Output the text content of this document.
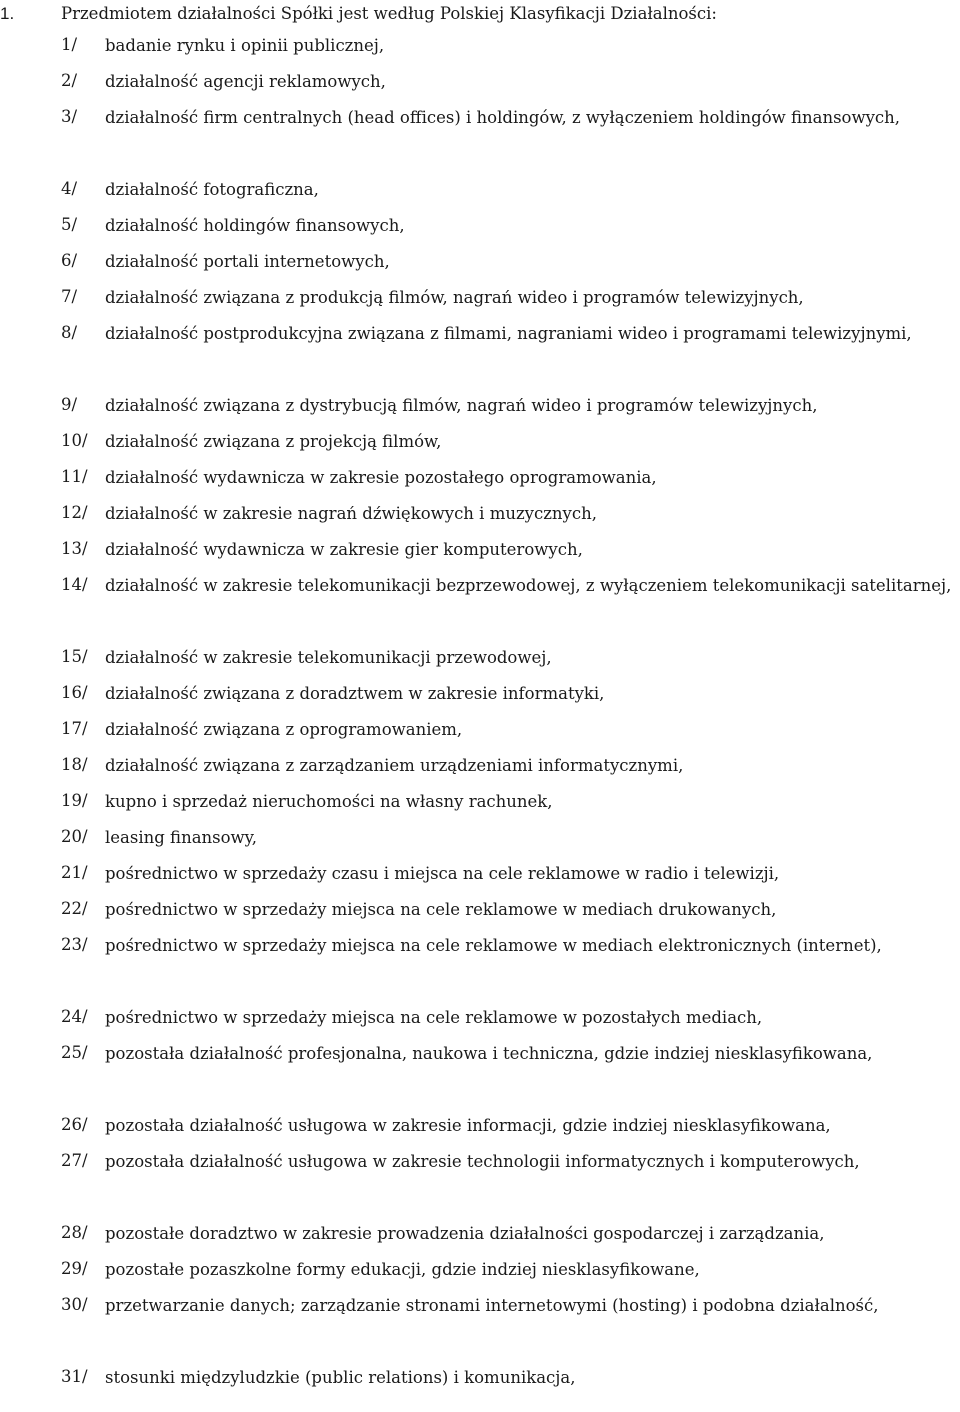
1.	Przedmiotem działalności Spółki jest według Polskiej Klasyfikacji Działalności:
1/ badanie rynku i opinii publicznej,
2/ działalność agencji reklamowych,
3/ działalność firm centralnych (head offices) i holdingów, z wyłączeniem holdingów finansowych,
4/ działalność fotograficzna,
5/ działalność holdingów finansowych,
6/ działalność portali internetowych,
7/ działalność związana z produkcją filmów, nagrań wideo i programów telewizyjnych,
8/ działalność postprodukcyjna związana z filmami, nagraniami wideo i programami telewizyjnymi,
9/ działalność związana z dystrybucją filmów, nagrań wideo i programów telewizyjnych,
10/ działalność związana z projekcją filmów,
11/ działalność wydawnicza w zakresie pozostałego oprogramowania,
12/ działalność w zakresie nagrań dźwiękowych i muzycznych,
13/ działalność wydawnicza w zakresie gier komputerowych,
14/ działalność w zakresie telekomunikacji bezprzewodowej, z wyłączeniem telekomunikacji satelitarnej,
15/ działalność w zakresie telekomunikacji przewodowej,
16/ działalność związana z doradztwem w zakresie informatyki,
17/ działalność związana z oprogramowaniem,
18/ działalność związana z zarządzaniem urządzeniami informatycznymi,
19/ kupno i sprzedaż nieruchomości na własny rachunek,
20/ leasing finansowy,
21/ pośrednictwo w sprzedaży czasu i miejsca na cele reklamowe w radio i telewizji,
22/ pośrednictwo w sprzedaży miejsca na cele reklamowe w mediach drukowanych,
23/ pośrednictwo w sprzedaży miejsca na cele reklamowe w mediach elektronicznych (internet),
24/ pośrednictwo w sprzedaży miejsca na cele reklamowe w pozostałych mediach,
25/ pozostała działalność profesjonalna, naukowa i techniczna, gdzie indziej niesklasyfikowana,
26/ pozostała działalność usługowa w zakresie informacji, gdzie indziej niesklasyfikowana,
27/ pozostała działalność usługowa w zakresie technologii informatycznych i komputerowych,
28/ pozostałe doradztwo w zakresie prowadzenia działalności gospodarczej i zarządzania,
29/ pozostałe pozaszkolne formy edukacji, gdzie indziej niesklasyfikowane,
30/ przetwarzanie danych; zarządzanie stronami internetowymi (hosting) i podobna działalność,
31/ stosunki międzyludzkie (public relations) i komunikacja,
